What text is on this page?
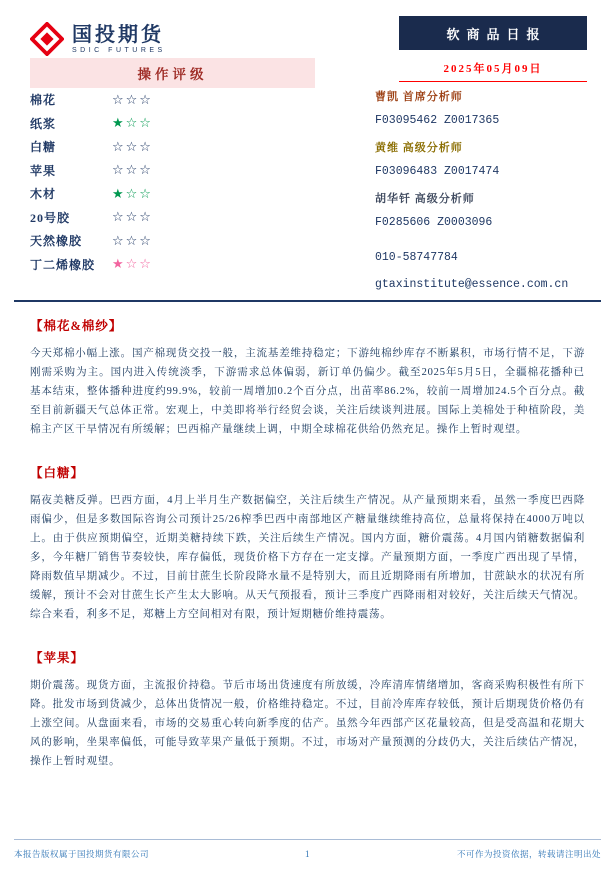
国投期货
SDIC FUTURES
软商品日报
2025年05月09日
操作评级
棉花	☆☆☆
纸浆	★☆☆
白糖	☆☆☆
苹果	☆☆☆
木材	★☆☆
20号胶	☆☆☆
天然橡胶	☆☆☆
丁二烯橡胶	★☆☆
曹凯 首席分析师
F03095462 Z0017365
黄维 高级分析师
F03096483 Z0017474
胡华钎 高级分析师
F0285606 Z0003096
010-58747784
gtaxinstitute@essence.com.cn
【棉花&棉纱】

今天郑棉小幅上涨。国产棉现货交投一般，主流基差维持稳定；下游纯棉纱库存不断累积，市场行情不足，下游刚需采购为主。国内进入传统淡季，下游需求总体偏弱，新订单仍偏少。截至2025年5月5日，全疆棉花播种已基本结束，整体播种进度约99.9%，较前一周增加0.2个百分点，出苗率86.2%，较前一周增加24.5个百分点。截至目前新疆天气总体正常。宏观上，中美即将举行经贸会谈，关注后续谈判进展。国际上美棉处于种植阶段，美棉主产区干旱情况有所缓解；巴西棉产量继续上调，中期全球棉花供给仍然充足。操作上暂时观望。

【白糖】

隔夜美糖反弹。巴西方面，4月上半月生产数据偏空，关注后续生产情况。从产量预期来看，虽然一季度巴西降雨偏少，但是多数国际咨询公司预计25/26榨季巴西中南部地区产糖量继续维持高位，总量将保持在4000万吨以上。由于供应预期偏空，近期美糖持续下跌，关注后续生产情况。国内方面，糖价震荡。4月国内销糖数据偏利多，今年糖厂销售节奏较快，库存偏低，现货价格下方存在一定支撑。产量预期方面，一季度广西出现了旱情，降雨数值早期减少。不过，目前甘蔗生长阶段降水量不是特别大，而且近期降雨有所增加，甘蔗缺水的状况有所缓解，预计不会对甘蔗生长产生太大影响。从天气预报看，预计三季度广西降雨相对较好，关注后续天气情况。综合来看，利多不足，郑糖上方空间相对有限，预计短期糖价维持震荡。

【苹果】

期价震荡。现货方面，主流报价持稳。节后市场出货速度有所放缓，冷库清库情绪增加，客商采购积极性有所下降。批发市场到货减少，总体出货情况一般，价格维持稳定。不过，目前冷库库存较低，预计后期现货价格仍有上涨空间。从盘面来看，市场的交易重心转向新季度的估产。虽然今年西部产区花量较高，但是受高温和花期大风的影响，坐果率偏低，可能导致苹果产量低于预期。不过，市场对产量预测的分歧仍大，关注后续估产情况，操作上暂时观望。

本报告版权属于国投期货有限公司	1	不可作为投资依据，转载请注明出处
